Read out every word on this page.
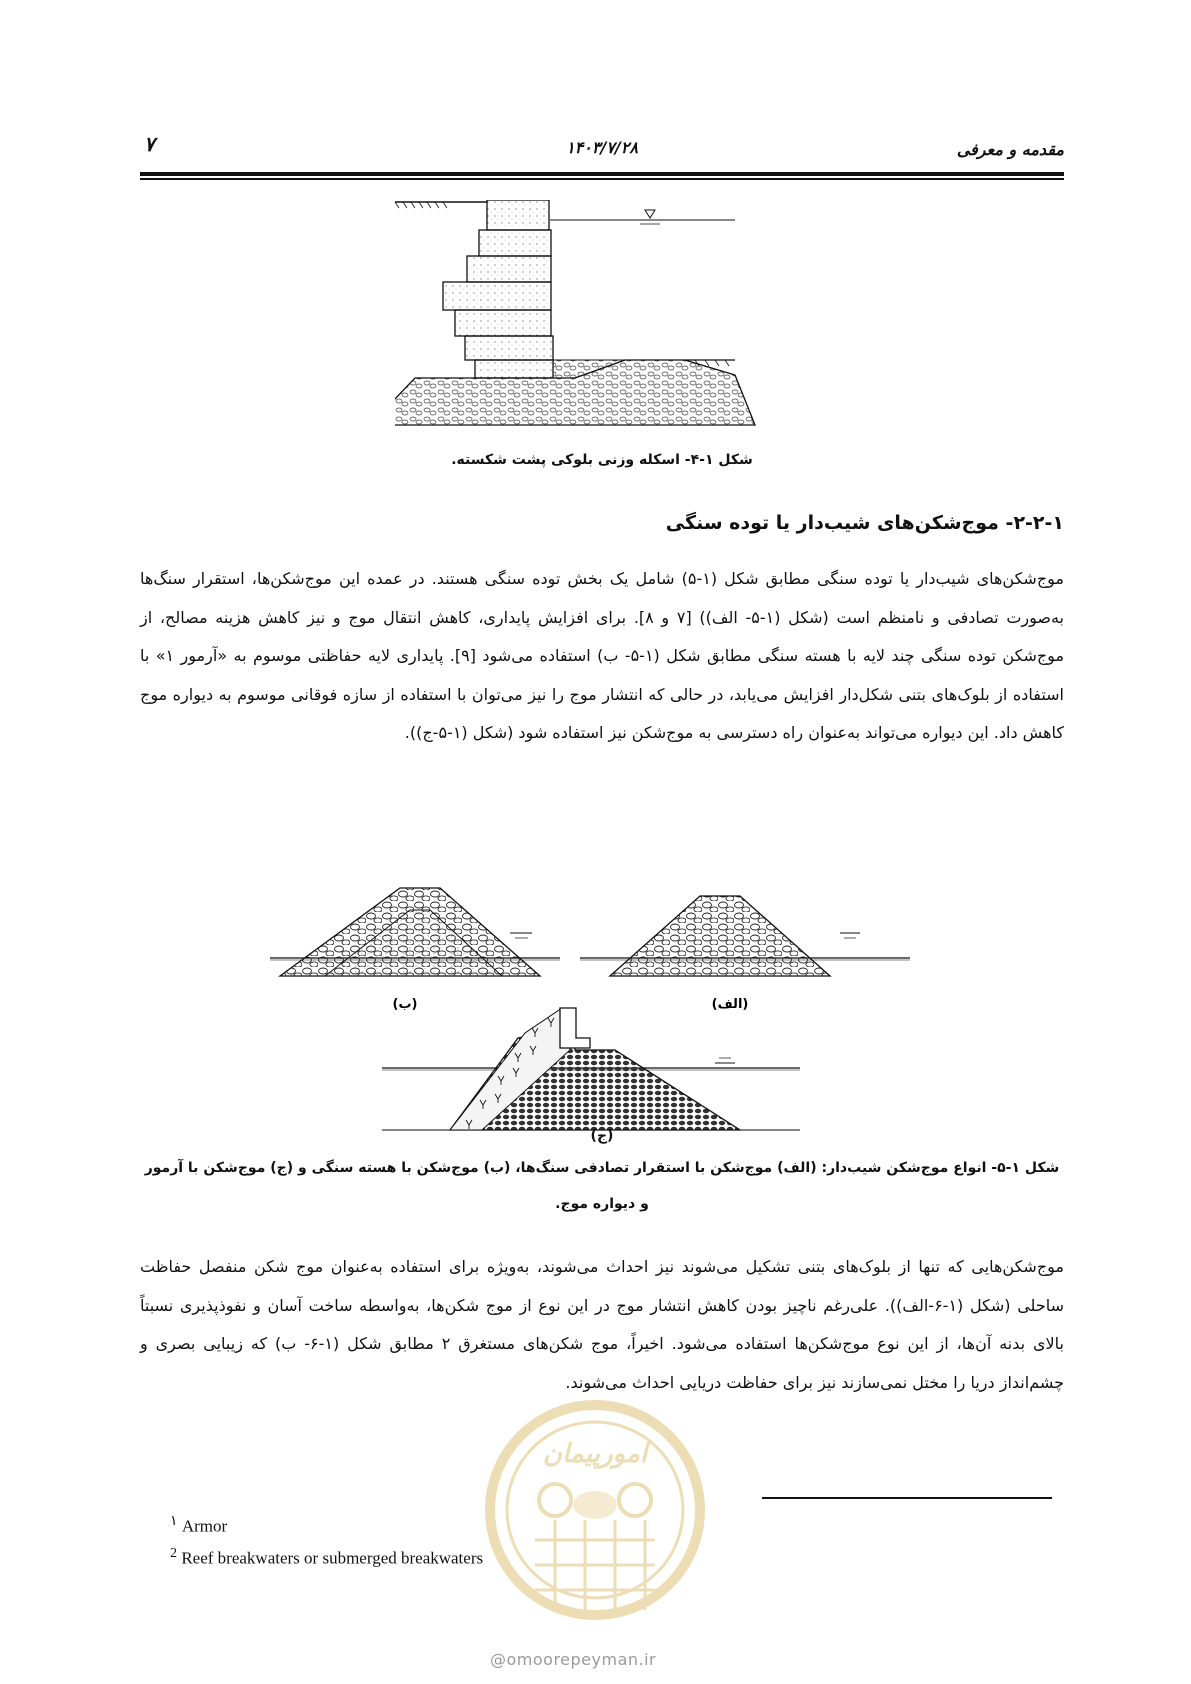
۷	۱۴۰۳/۷/۲۸	مقدمه و معرفی
شکل ۱-۴- اسکله وزنی بلوکی پشت شکسته.
۲-۲-۱- موج‌شکن‌های شیب‌دار یا توده سنگی
موج‌شکن‌های شیب‌دار یا توده سنگی مطابق شکل (۱-۵) شامل یک بخش توده سنگی هستند. در عمده این موج‌شکن‌ها، استقرار سنگ‌ها به‌صورت تصادفی و نامنظم است (شکل (۱-۵- الف)) [۷ و ۸]. برای افزایش پایداری، کاهش انتقال موج و نیز کاهش هزینه مصالح، از موج‌شکن توده سنگی چند لایه با هسته سنگی مطابق شکل (۱-۵- ب) استفاده می‌شود [۹]. پایداری لایه حفاظتی موسوم به «آرمور ۱» با استفاده از بلوک‌های بتنی شکل‌دار افزایش می‌یابد، در حالی که انتشار موج را نیز می‌توان با استفاده از سازه فوقانی موسوم به دیواره موج کاهش داد. این دیواره می‌تواند به‌عنوان راه دسترسی به موج‌شکن نیز استفاده شود (شکل (۱-۵-ج)).
(ب)	(الف)
(ج)
شکل ۱-۵- انواع موج‌شکن شیب‌دار: (الف) موج‌شکن با استقرار تصادفی سنگ‌ها، (ب) موج‌شکن با هسته سنگی و (ج) موج‌شکن با آرمور و دیواره موج.
موج‌شکن‌هایی که تنها از بلوک‌های بتنی تشکیل می‌شوند نیز احداث می‌شوند، به‌ویژه برای استفاده به‌عنوان موج شکن منفصل حفاظت ساحلی (شکل (۱-۶-الف)). علی‌رغم ناچیز بودن کاهش انتشار موج در این نوع از موج شکن‌ها، به‌واسطه ساخت آسان و نفوذپذیری نسبتاً بالای بدنه آن‌ها، از این نوع موج‌شکن‌ها استفاده می‌شود. اخیراً، موج شکن‌های مستغرق ۲ مطابق شکل (۱-۶- ب) که زیبایی بصری و چشم‌انداز دریا را مختل نمی‌سازند نیز برای حفاظت دریایی احداث می‌شوند.
$^۱$ Armor
$^2$ Reef breakwaters or submerged breakwaters
امورپیمان
@omoorepeyman.ir
